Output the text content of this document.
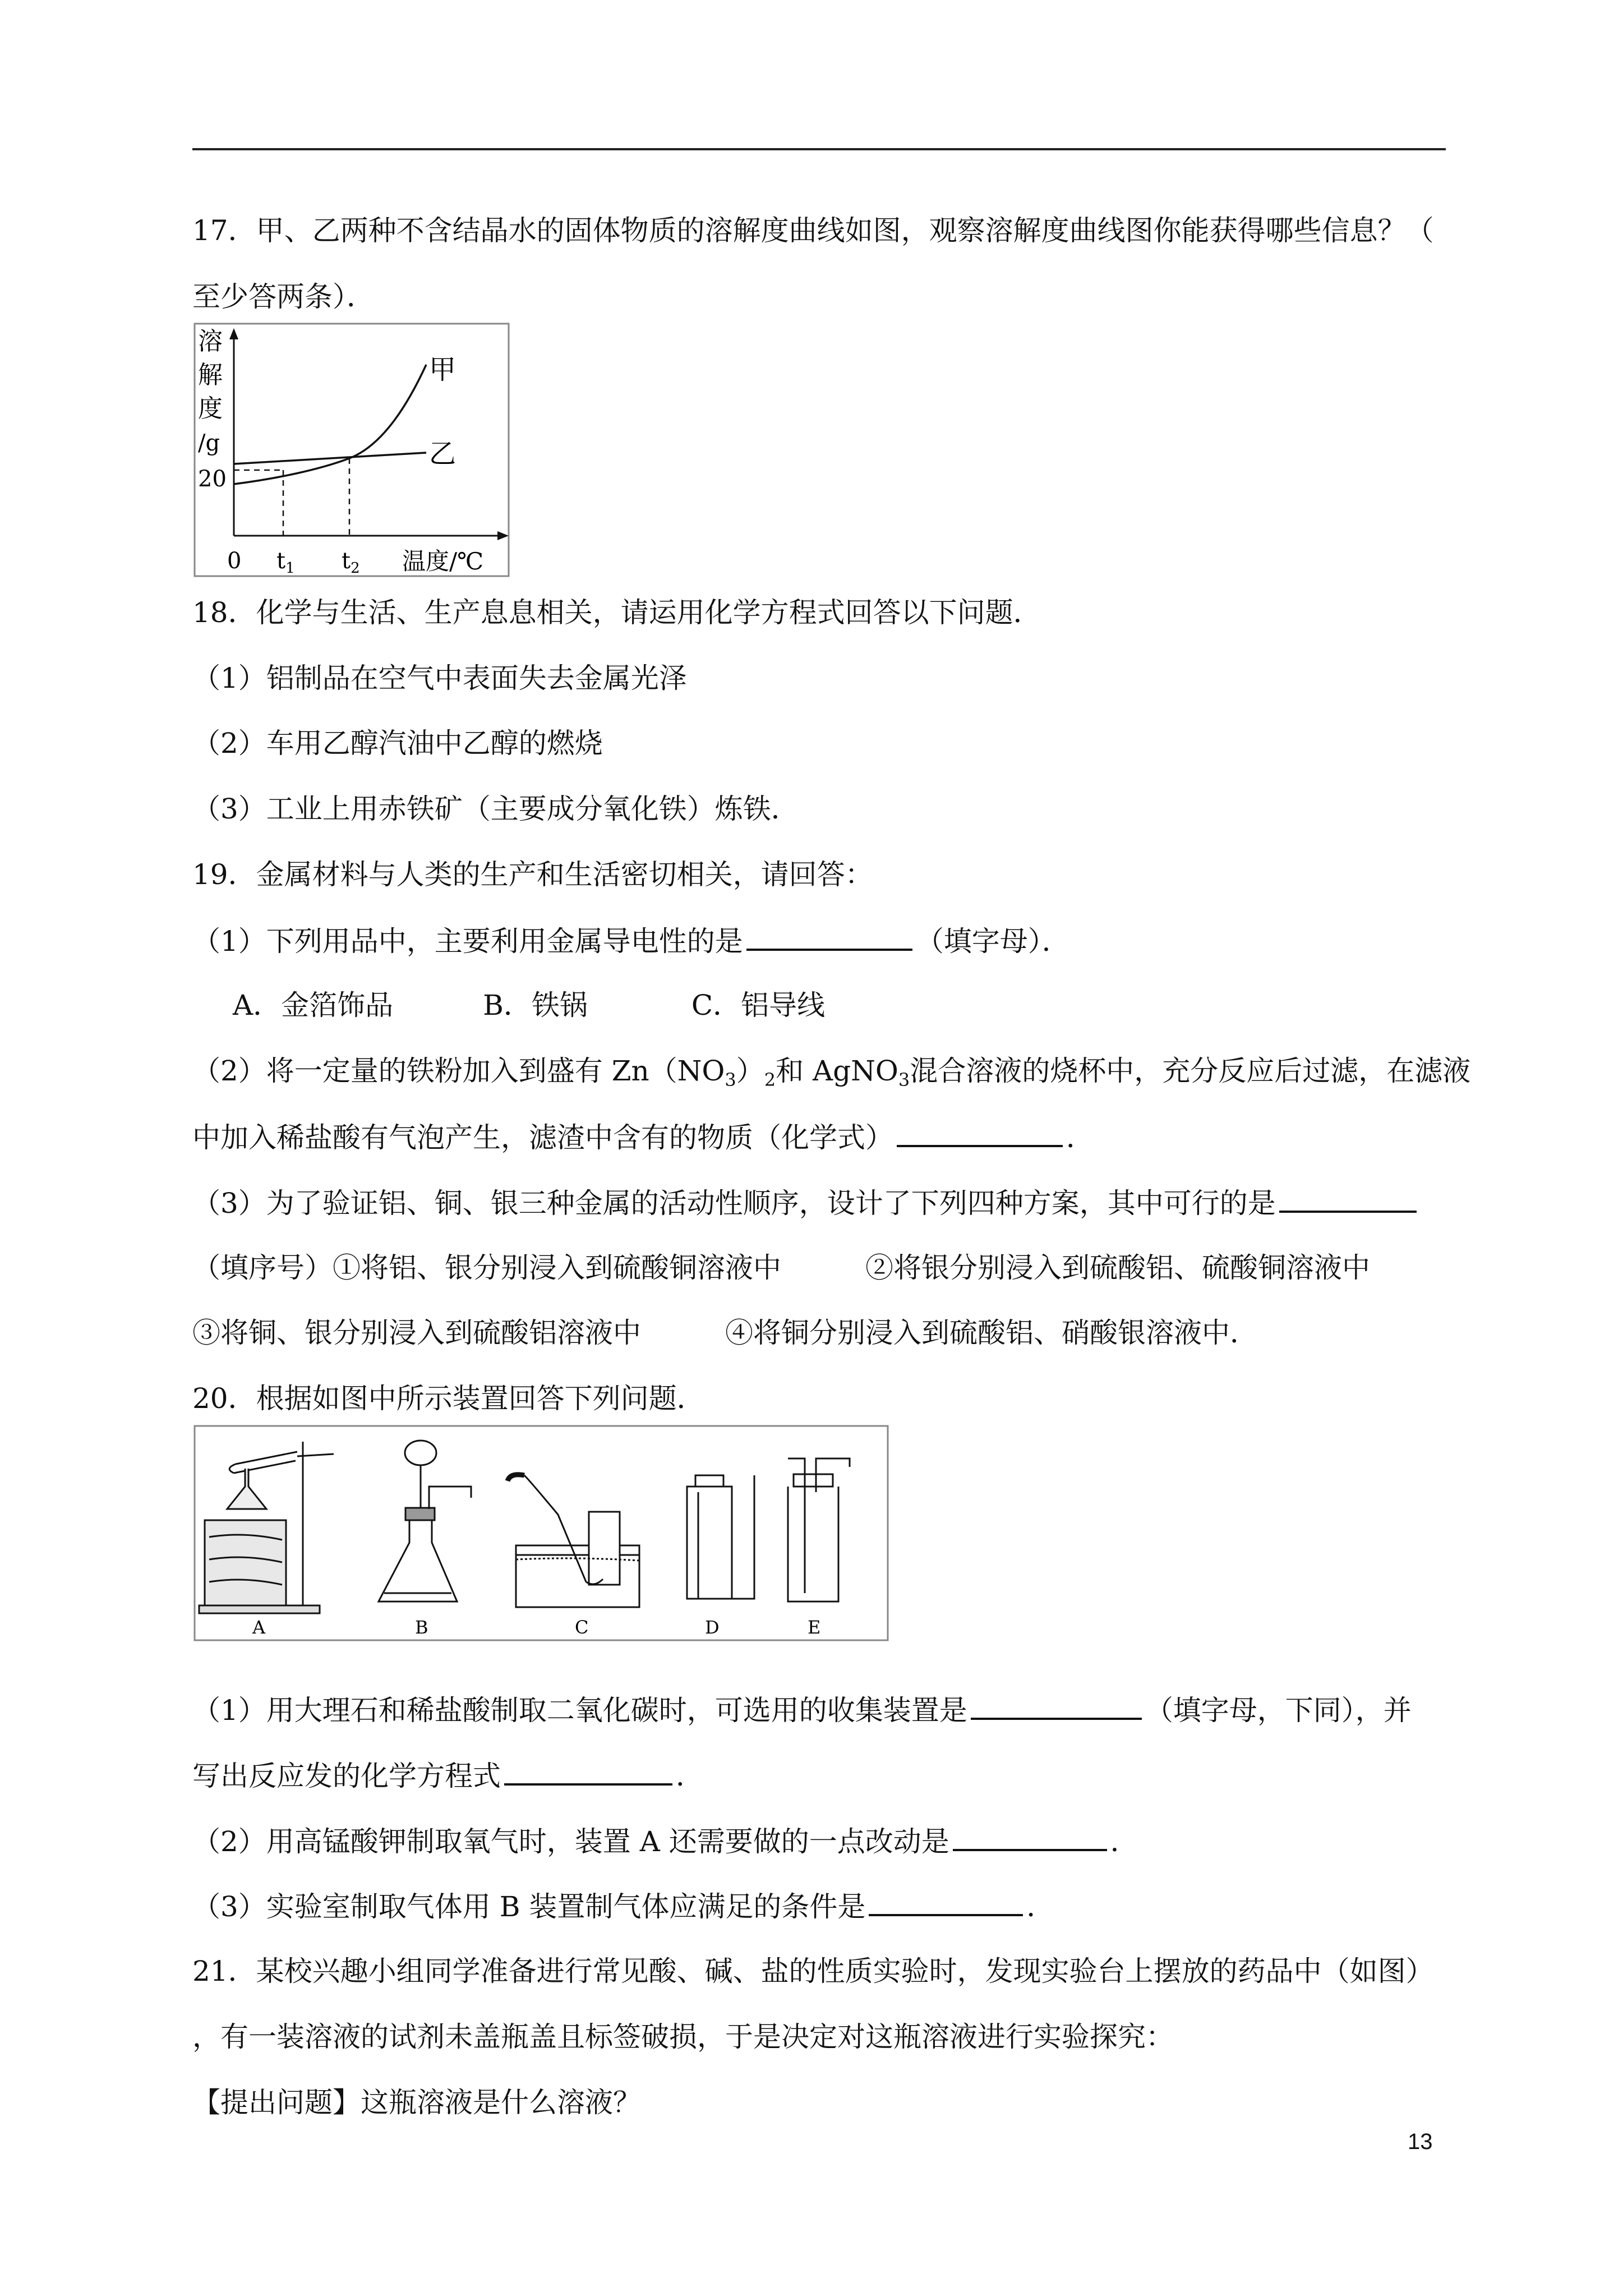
17．甲、乙两种不含结晶水的固体物质的溶解度曲线如图，观察溶解度曲线图你能获得哪些信息？（
至少答两条）．
溶
解
度
/g
20
甲
乙
0 $t_1$ $t_2$ 温度/℃
18．化学与生活、生产息息相关，请运用化学方程式回答以下问题．
（1）铝制品在空气中表面失去金属光泽
（2）车用乙醇汽油中乙醇的燃烧
（3）工业上用赤铁矿（主要成分氧化铁）炼铁．
19．金属材料与人类的生产和生活密切相关，请回答：
（1）下列用品中，主要利用金属导电性的是	（填字母）．
A．金箔饰品	B．铁锅	C．铝导线
（2）将一定量的铁粉加入到盛有 $Zn(NO_3)_2$和 AgNO$_3$混合溶液的烧杯中，充分反应后过滤，在滤液
中加入稀盐酸有气泡产生，滤渣中含有的物质（化学式）	．
（3）为了验证铝、铜、银三种金属的活动性顺序，设计了下列四种方案，其中可行的是
（填序号）①将铝、银分别浸入到硫酸铜溶液中　　　②将银分别浸入到硫酸铝、硫酸铜溶液中
③将铜、银分别浸入到硫酸铝溶液中　　　④将铜分别浸入到硫酸铝、硝酸银溶液中．
20．根据如图中所示装置回答下列问题．
A	B	C	D	E
（1）用大理石和稀盐酸制取二氧化碳时，可选用的收集装置是	（填字母，下同），并
写出反应发的化学方程式	．
（2）用高锰酸钾制取氧气时，装置 A 还需要做的一点改动是	．
（3）实验室制取气体用 B 装置制气体应满足的条件是	．
21．某校兴趣小组同学准备进行常见酸、碱、盐的性质实验时，发现实验台上摆放的药品中（如图）
，有一装溶液的试剂未盖瓶盖且标签破损，于是决定对这瓶溶液进行实验探究：
【提出问题】这瓶溶液是什么溶液？
13
